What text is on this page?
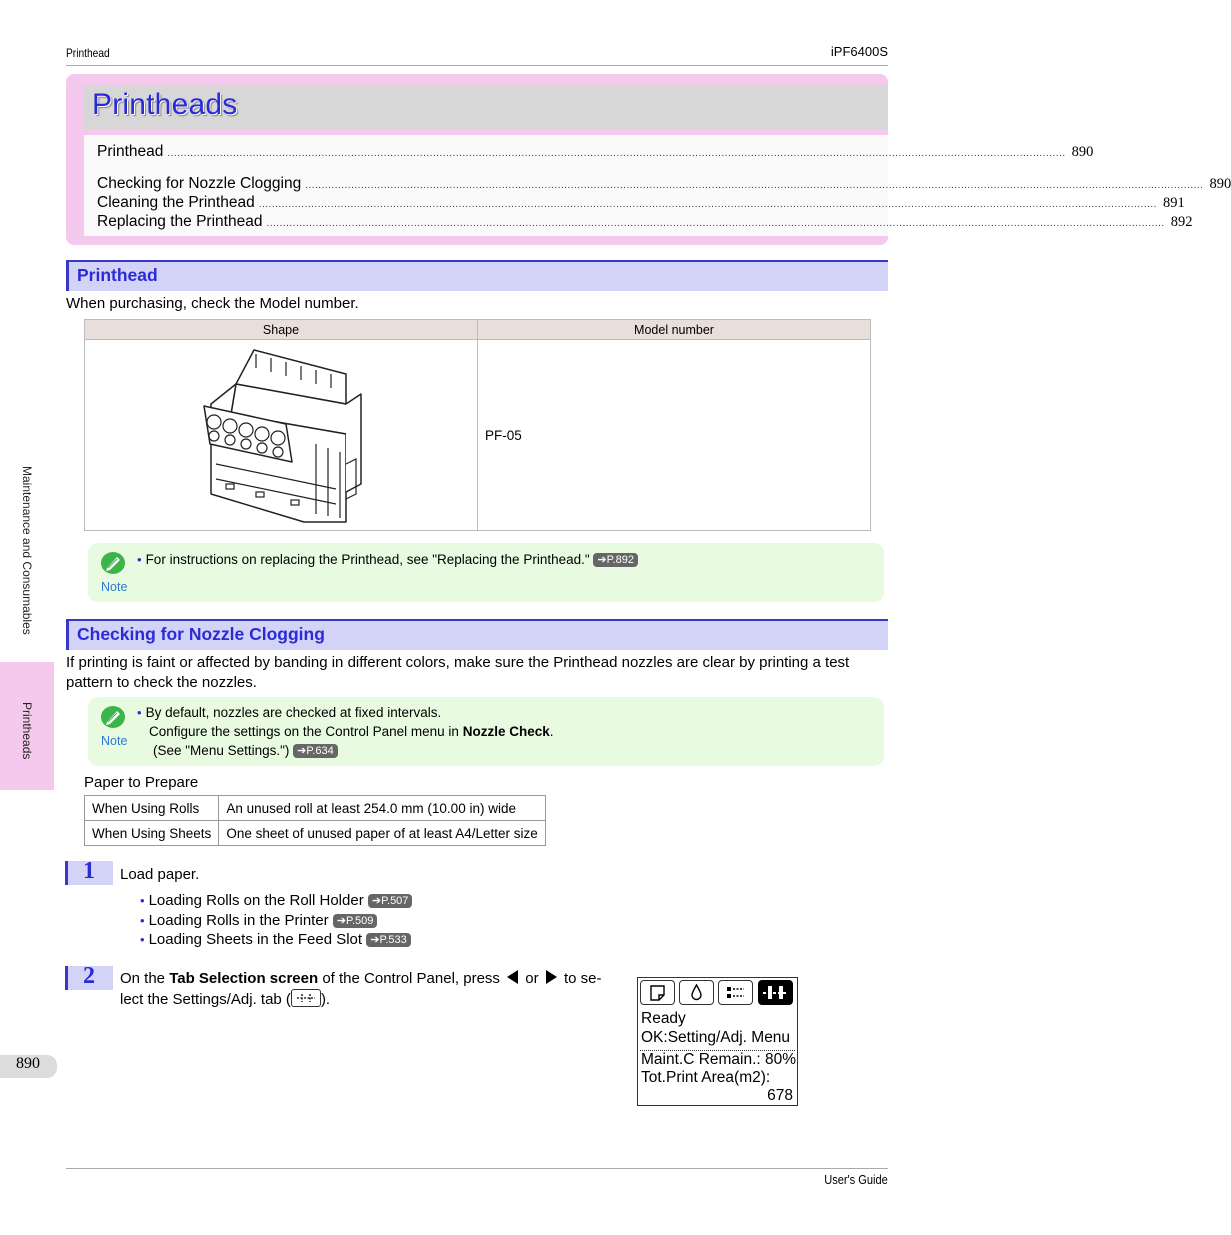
Printhead	iPF6400S
Printheads
Printhead .................................................................................................................................................................................................................................................................................. 890
Checking for Nozzle Clogging .................................................................................................................................................................................................................................................................................. 890
Cleaning the Printhead .................................................................................................................................................................................................................................................................................. 891
Replacing the Printhead .................................................................................................................................................................................................................................................................................. 892
Maintenance and Consumables
Printheads
Printhead
When purchasing, check the Model number.
Shape	Model number

	PF-05
Note
• For instructions on replacing the Printhead, see "Replacing the Printhead." ➔P.892
Checking for Nozzle Clogging
If printing is faint or affected by banding in different colors, make sure the Printhead nozzles are clear by printing a test pattern to check the nozzles.
Note
• By default, nozzles are checked at fixed intervals.
Configure the settings on the Control Panel menu in Nozzle Check.
(See "Menu Settings.") ➔P.634
Paper to Prepare
When Using Rolls	An unused roll at least 254.0 mm (10.00 in) wide
When Using Sheets	One sheet of unused paper of at least A4/Letter size
1 Load paper.
• Loading Rolls on the Roll Holder ➔P.507
• Loading Rolls in the Printer ➔P.509
• Loading Sheets in the Feed Slot ➔P.533
2 On the Tab Selection screen of the Control Panel, press or to se-
lect the Settings/Adj. tab ( ).
Ready
OK:Setting/Adj. Menu
Maint.C Remain.: 80%
Tot.Print Area(m2):
678
890
User's Guide
